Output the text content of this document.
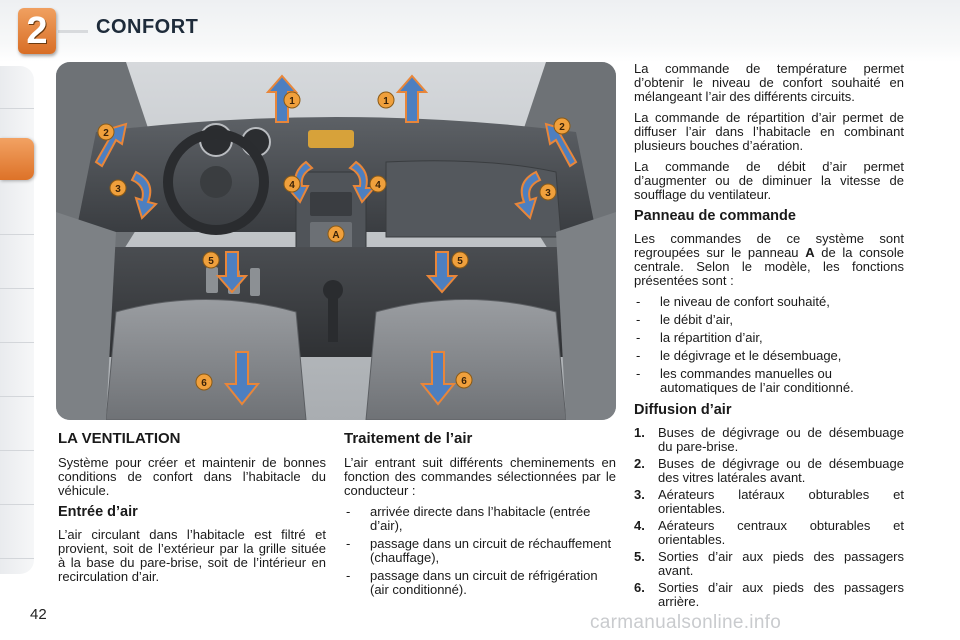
2	CONFORT
1	1
2
2
3	3
4	4
5	5
6	6
A
LA VENTILATION

Système pour créer et maintenir de bonnes conditions de confort dans l’habitacle du véhicule.

Entrée d’air

L’air circulant dans l’habitacle est filtré et provient, soit de l’extérieur par la grille située à la base du pare-brise, soit de l’intérieur en recirculation d’air.

Traitement de l’air

L’air entrant suit différents cheminements en fonction des commandes sélectionnées par le conducteur :

- arrivée directe dans l’habitacle (entrée d’air),
- passage dans un circuit de réchauffement (chauffage),
- passage dans un circuit de réfrigération (air conditionné).

La commande de température permet d’obtenir le niveau de confort souhaité en mélangeant l’air des différents circuits.

La commande de répartition d’air permet de diffuser l’air dans l’habitacle en combinant plusieurs bouches d’aération.

La commande de débit d’air permet d’augmenter ou de diminuer la vitesse de soufflage du ventilateur.

Panneau de commande

Les commandes de ce système sont regroupées sur le panneau A de la console centrale. Selon le modèle, les fonctions présentées sont :

- le niveau de confort souhaité,
- le débit d’air,
- la répartition d’air,
- le dégivrage et le désembuage,
- les commandes manuelles ou automatiques de l’air conditionné.
Diffusion d’air
1. Buses de dégivrage ou de désembuage du pare-brise.
2. Buses de dégivrage ou de désembuage des vitres latérales avant.
3. Aérateurs latéraux obturables et orientables.
4. Aérateurs centraux obturables et orientables.
5. Sorties d’air aux pieds des passagers avant.
6. Sorties d’air aux pieds des passagers arrière.
42	carmanualsonline.info
